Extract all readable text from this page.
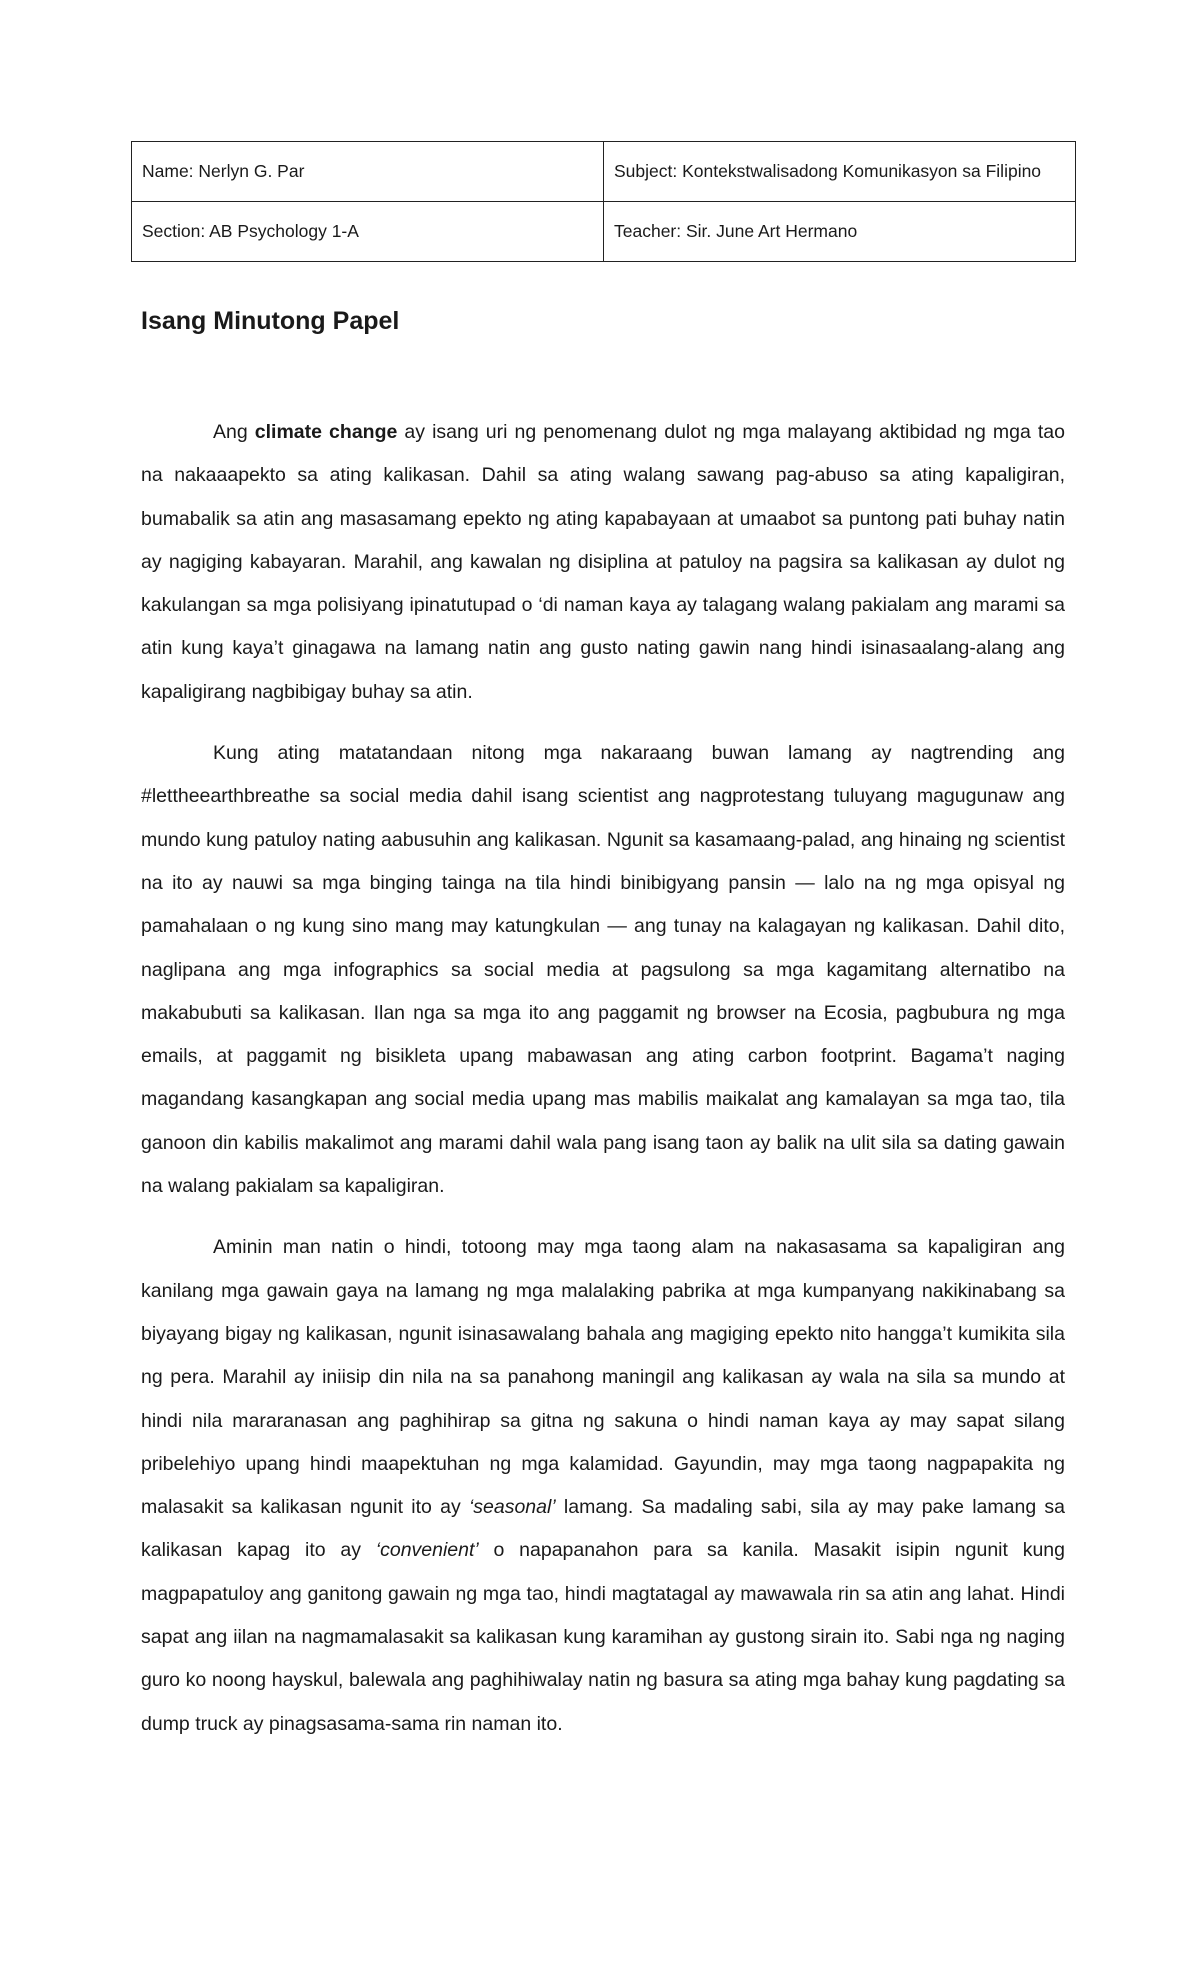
Name: Nerlyn G. Par	Subject: Kontekstwalisadong Komunikasyon sa Filipino
Section: AB Psychology 1-A	Teacher: Sir. June Art Hermano
Isang Minutong Papel

Ang climate change ay isang uri ng penomenang dulot ng mga malayang aktibidad ng mga tao na nakaaapekto sa ating kalikasan. Dahil sa ating walang sawang pag-abuso sa ating kapaligiran, bumabalik sa atin ang masasamang epekto ng ating kapabayaan at umaabot sa puntong pati buhay natin ay nagiging kabayaran. Marahil, ang kawalan ng disiplina at patuloy na pagsira sa kalikasan ay dulot ng kakulangan sa mga polisiyang ipinatutupad o ‘di naman kaya ay talagang walang pakialam ang marami sa atin kung kaya’t ginagawa na lamang natin ang gusto nating gawin nang hindi isinasaalang-alang ang kapaligirang nagbibigay buhay sa atin.

Kung ating matatandaan nitong mga nakaraang buwan lamang ay nagtrending ang #lettheearthbreathe sa social media dahil isang scientist ang nagprotestang tuluyang magugunaw ang mundo kung patuloy nating aabusuhin ang kalikasan. Ngunit sa kasamaang-palad, ang hinaing ng scientist na ito ay nauwi sa mga binging tainga na tila hindi binibigyang pansin — lalo na ng mga opisyal ng pamahalaan o ng kung sino mang may katungkulan — ang tunay na kalagayan ng kalikasan. Dahil dito, naglipana ang mga infographics sa social media at pagsulong sa mga kagamitang alternatibo na makabubuti sa kalikasan. Ilan nga sa mga ito ang paggamit ng browser na Ecosia, pagbubura ng mga emails, at paggamit ng bisikleta upang mabawasan ang ating carbon footprint. Bagama’t naging magandang kasangkapan ang social media upang mas mabilis maikalat ang kamalayan sa mga tao, tila ganoon din kabilis makalimot ang marami dahil wala pang isang taon ay balik na ulit sila sa dating gawain na walang pakialam sa kapaligiran.

Aminin man natin o hindi, totoong may mga taong alam na nakasasama sa kapaligiran ang kanilang mga gawain gaya na lamang ng mga malalaking pabrika at mga kumpanyang nakikinabang sa biyayang bigay ng kalikasan, ngunit isinasawalang bahala ang magiging epekto nito hangga’t kumikita sila ng pera. Marahil ay iniisip din nila na sa panahong maningil ang kalikasan ay wala na sila sa mundo at hindi nila mararanasan ang paghihirap sa gitna ng sakuna o hindi naman kaya ay may sapat silang pribelehiyo upang hindi maapektuhan ng mga kalamidad. Gayundin, may mga taong nagpapakita ng malasakit sa kalikasan ngunit ito ay ‘seasonal’ lamang. Sa madaling sabi, sila ay may pake lamang sa kalikasan kapag ito ay ‘convenient’ o napapanahon para sa kanila. Masakit isipin ngunit kung magpapatuloy ang ganitong gawain ng mga tao, hindi magtatagal ay mawawala rin sa atin ang lahat. Hindi sapat ang iilan na nagmamalasakit sa kalikasan kung karamihan ay gustong sirain ito. Sabi nga ng naging guro ko noong hayskul, balewala ang paghihiwalay natin ng basura sa ating mga bahay kung pagdating sa dump truck ay pinagsasama-sama rin naman ito.
